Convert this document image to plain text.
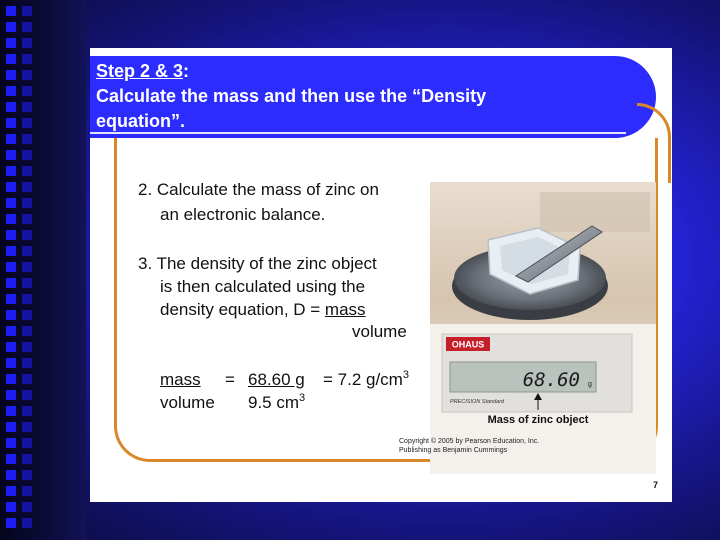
Step 2 & 3:
Calculate the mass and then use the “Density
equation”.
2. Calculate the mass of zinc on
an electronic balance.
3. The density of the zinc object
is then calculated using the
density equation, D = mass
volume
mass = 68.60 g = 7.2 $g/cm^3$
volume 9.5 $cm^3$
OHAUS
68.60 g
PRECISION Standard
Mass of zinc object
Copyright © 2005 by Pearson Education, Inc.
Publishing as Benjamin Cummings
7
